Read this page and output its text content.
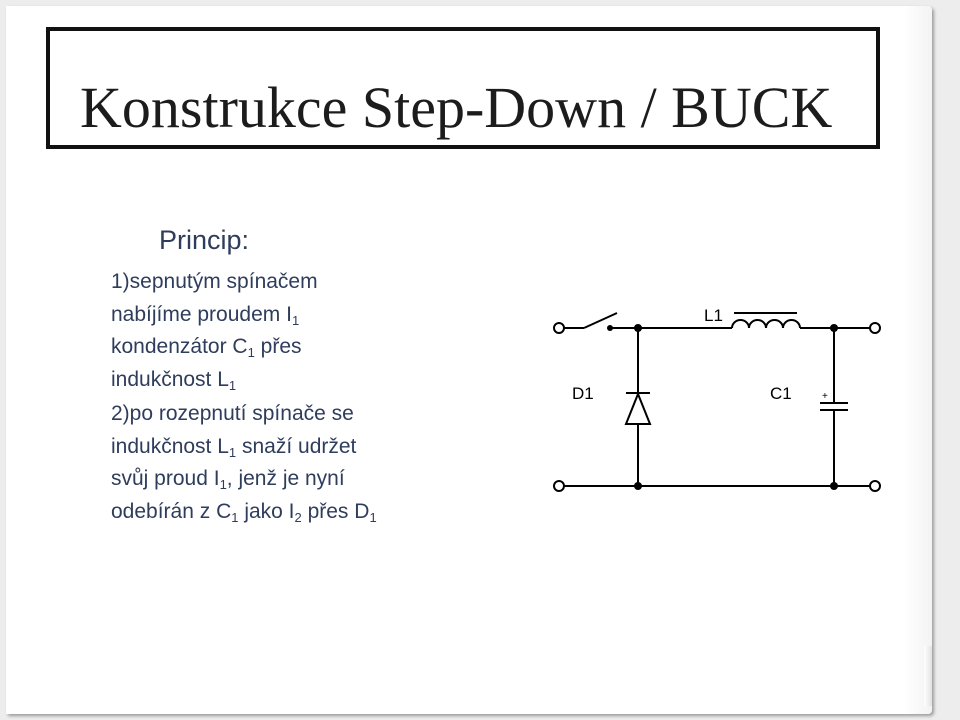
Konstrukce Step-Down / BUCK
Princip:
1)sepnutým spínačem
nabíjíme proudem $I_1$
kondenzátor $C_1$ přes
indukčnost $L_1$
2)po rozepnutí spínače se
indukčnost $L_1$ snaží udržet
svůj proud $I_1$, jenž je nyní
odebírán z $C_1$ jako $I_2$ přes $D_1$
L1
D1	C1	+
